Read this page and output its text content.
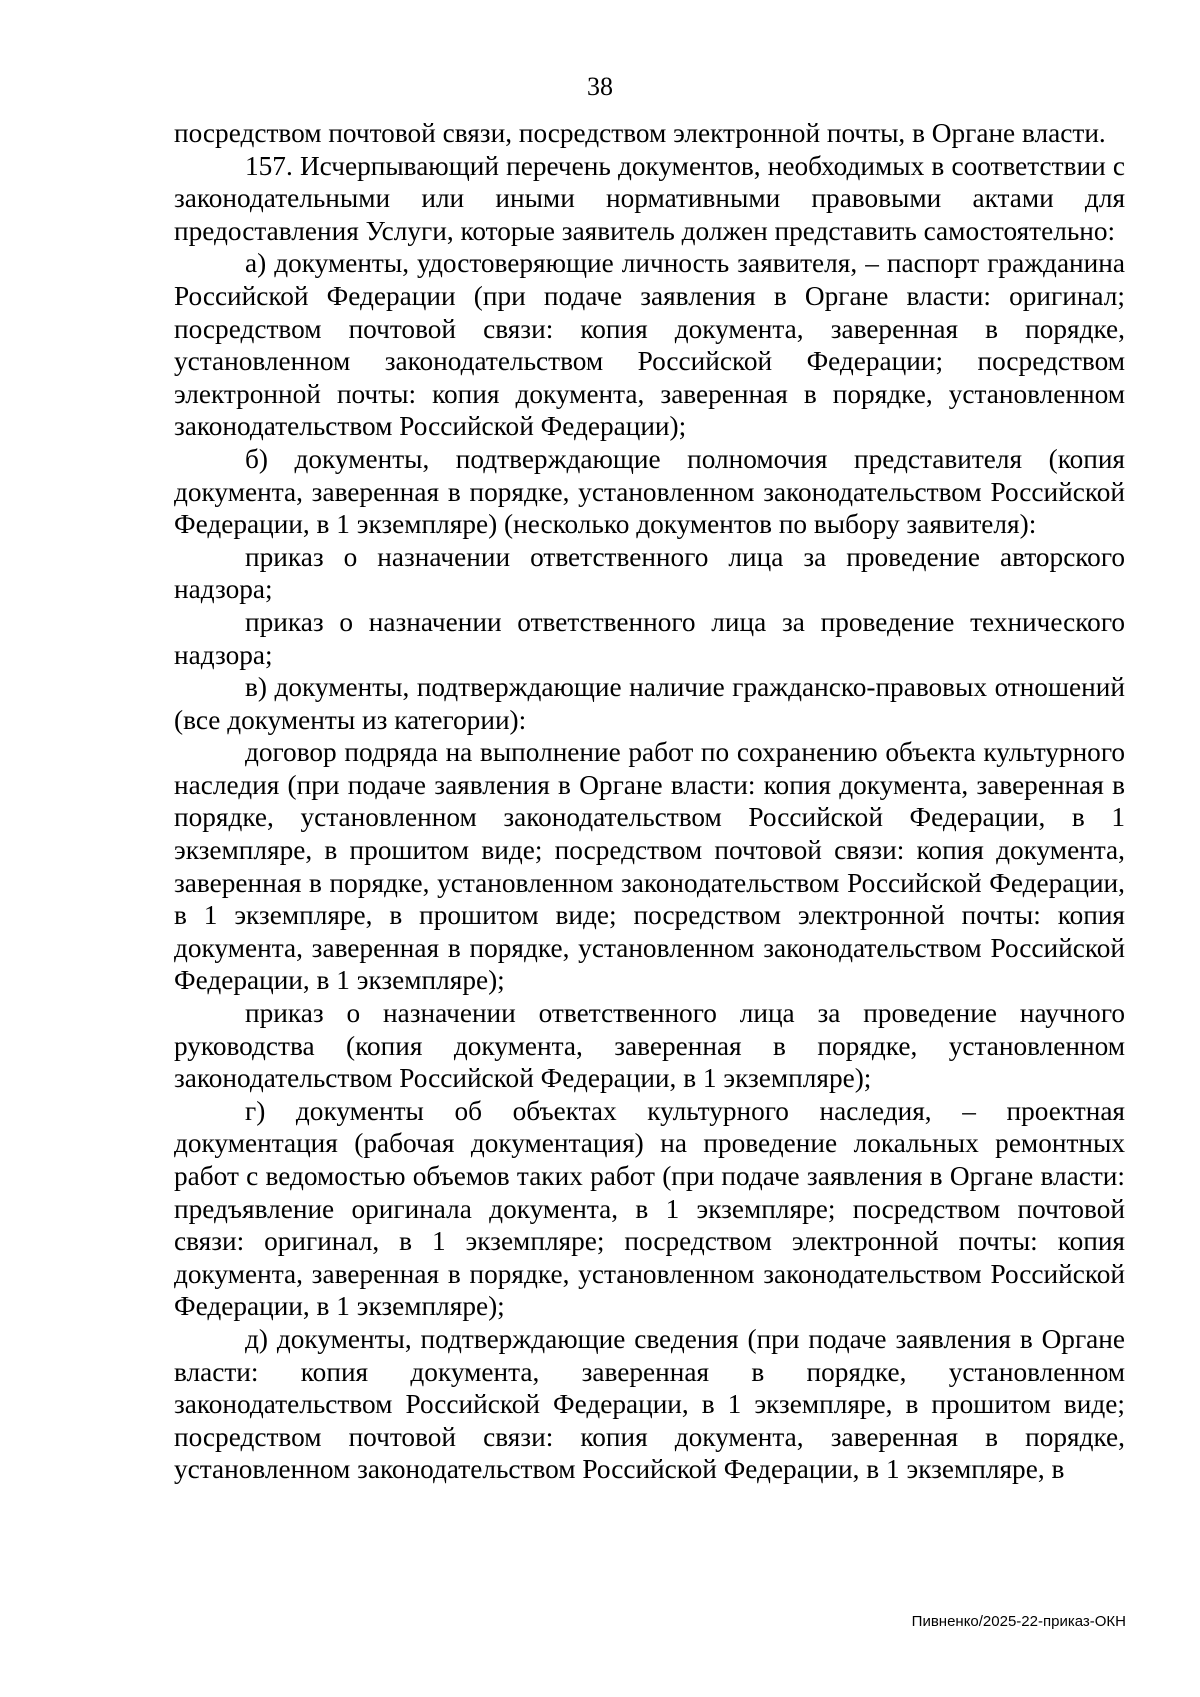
38

посредством почтовой связи, посредством электронной почты, в Органе власти.

157. Исчерпывающий перечень документов, необходимых в соответствии с законодательными или иными нормативными правовыми актами для предоставления Услуги, которые заявитель должен представить самостоятельно:

а) документы, удостоверяющие личность заявителя, – паспорт гражданина Российской Федерации (при подаче заявления в Органе власти: оригинал; посредством почтовой связи: копия документа, заверенная в порядке, установленном законодательством Российской Федерации; посредством электронной почты: копия документа, заверенная в порядке, установленном законодательством Российской Федерации);

б) документы, подтверждающие полномочия представителя (копия документа, заверенная в порядке, установленном законодательством Российской Федерации, в 1 экземпляре) (несколько документов по выбору заявителя):

приказ о назначении ответственного лица за проведение авторского надзора;

приказ о назначении ответственного лица за проведение технического надзора;

в) документы, подтверждающие наличие гражданско-правовых отношений (все документы из категории):

договор подряда на выполнение работ по сохранению объекта культурного наследия (при подаче заявления в Органе власти: копия документа, заверенная в порядке, установленном законодательством Российской Федерации, в 1 экземпляре, в прошитом виде; посредством почтовой связи: копия документа, заверенная в порядке, установленном законодательством Российской Федерации, в 1 экземпляре, в прошитом виде; посредством электронной почты: копия документа, заверенная в порядке, установленном законодательством Российской Федерации, в 1 экземпляре);

приказ о назначении ответственного лица за проведение научного руководства (копия документа, заверенная в порядке, установленном законодательством Российской Федерации, в 1 экземпляре);

г) документы об объектах культурного наследия, – проектная документация (рабочая документация) на проведение локальных ремонтных работ с ведомостью объемов таких работ (при подаче заявления в Органе власти: предъявление оригинала документа, в 1 экземпляре; посредством почтовой связи: оригинал, в 1 экземпляре; посредством электронной почты: копия документа, заверенная в порядке, установленном законодательством Российской Федерации, в 1 экземпляре);

д) документы, подтверждающие сведения (при подаче заявления в Органе власти: копия документа, заверенная в порядке, установленном законодательством Российской Федерации, в 1 экземпляре, в прошитом виде; посредством почтовой связи: копия документа, заверенная в порядке, установленном законодательством Российской Федерации, в 1 экземпляре, в

Пивненко/2025-22-приказ-ОКН
